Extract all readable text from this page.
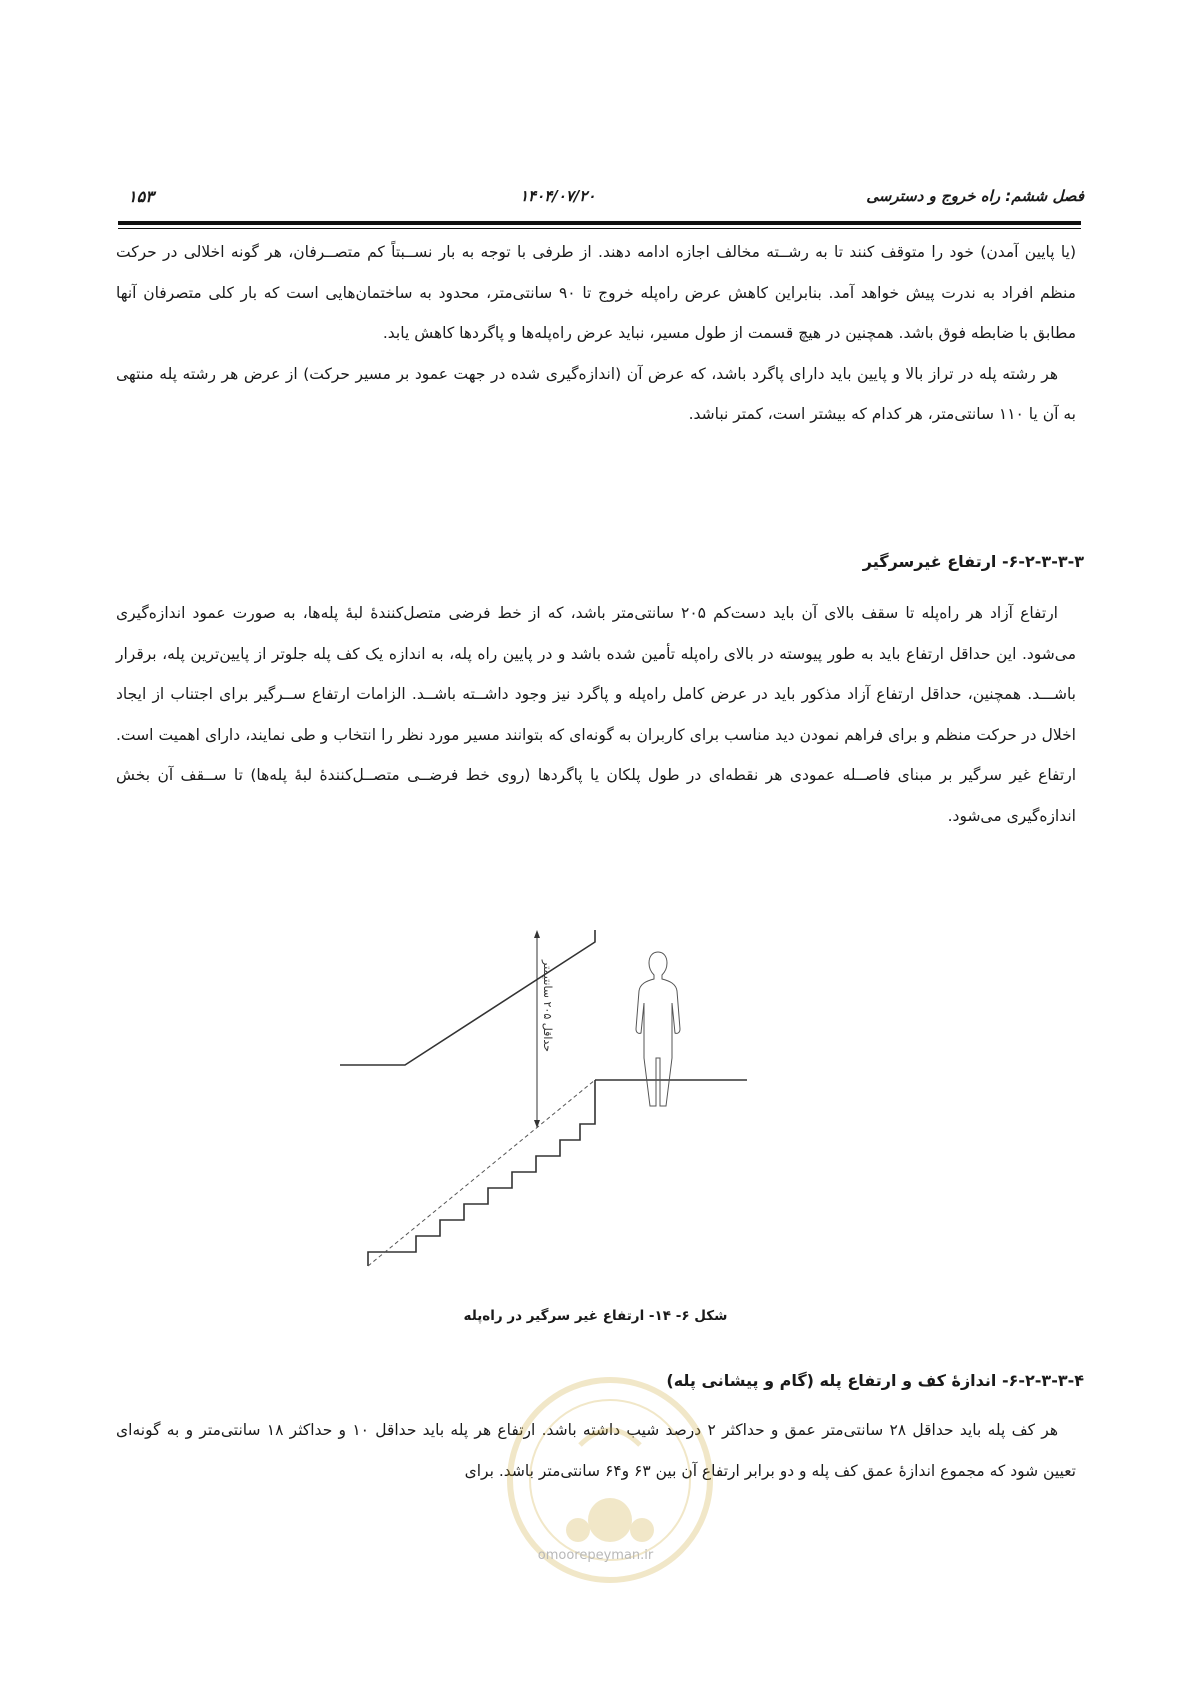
فصل ششم: راه خروج و دسترسی
۱۴۰۴/۰۷/۲۰
۱۵۳

(یا پایین آمدن) خود را متوقف کنند تا به رشــته مخالف اجازه ادامه دهند. از طرفی با توجه به بار نســبتاً کم متصــرفان، هر گونه اخلالی در حرکت منظم افراد به ندرت پیش خواهد آمد. بنابراین کاهش عرض راه‌پله خروج تا ۹۰ سانتی‌متر، محدود به ساختمان‌هایی است که بار کلی متصرفان آنها مطابق با ضابطه فوق باشد. همچنین در هیچ قسمت از طول مسیر، نباید عرض راه‌پله‌ها و پاگردها کاهش یابد.

هر رشته پله در تراز بالا و پایین باید دارای پاگرد باشد، که عرض آن (اندازه‌گیری شده در جهت عمود بر مسیر حرکت) از عرض هر رشته پله منتهی به آن یا ۱۱۰ سانتی‌متر، هر کدام که بیشتر است، کمتر نباشد.

۶-۲-۳-۳-۳- ارتفاع غیرسرگیر

ارتفاع آزاد هر راه‌پله تا سقف بالای آن باید دست‌کم ۲۰۵ سانتی‌متر باشد، که از خط فرضی متصل‌کنندهٔ لبهٔ پله‌ها، به صورت عمود اندازه‌گیری می‌شود. این حداقل ارتفاع باید به طور پیوسته در بالای راه‌پله تأمین شده باشد و در پایین راه پله، به اندازه یک کف پله جلوتر از پایین‌ترین پله، برقرار باشـــد. همچنین، حداقل ارتفاع آزاد مذکور باید در عرض کامل راه‌پله و پاگرد نیز وجود داشــته باشــد. الزامات ارتفاع ســرگیر برای اجتناب از ایجاد اخلال در حرکت منظم و برای فراهم نمودن دید مناسب برای کاربران به گونه‌ای که بتوانند مسیر مورد نظر را انتخاب و طی نمایند، دارای اهمیت است. ارتفاع غیر سرگیر بر مبنای فاصــله عمودی هر نقطه‌ای در طول پلکان یا پاگردها (روی خط فرضــی متصــل‌کنندهٔ لبهٔ پله‌ها) تا ســقف آن بخش اندازه‌گیری می‌شود.

حداقل ۲۰۵ سانتیمتر
شکل ۶- ۱۴- ارتفاع غیر سرگیر در راه‌پله
۶-۲-۳-۳-۴- اندازهٔ کف و ارتفاع پله (گام و پیشانی پله)

هر کف پله باید حداقل ۲۸ سانتی‌متر عمق و حداکثر ۲ درصد شیب داشته باشد. ارتفاع هر پله باید حداقل ۱۰ و حداکثر ۱۸ سانتی‌متر و به گونه‌ای تعیین شود که مجموع اندازهٔ عمق کف پله و دو برابر ارتفاع آن بین ۶۳ و۶۴ سانتی‌متر باشد. برای

omoorepeyman.ir
